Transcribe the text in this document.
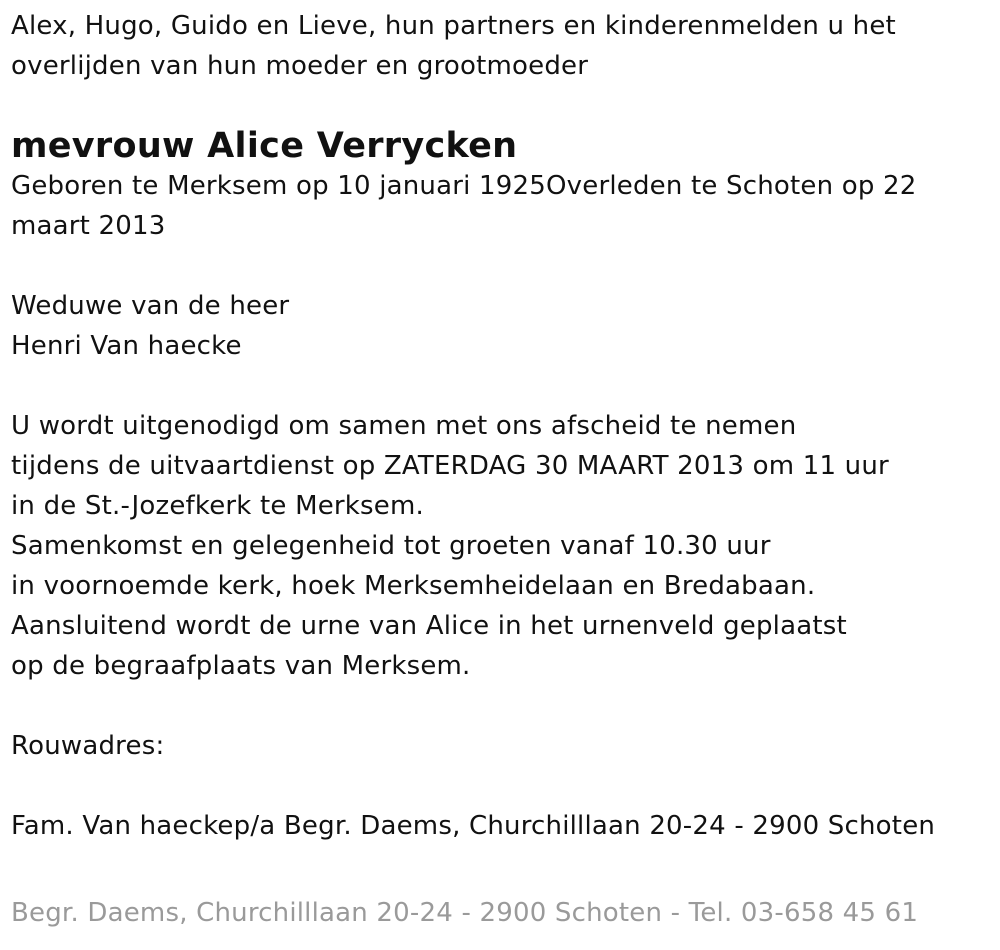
Alex, Hugo, Guido en Lieve, hun partners en kinderenmelden u het
overlijden van hun moeder en grootmoeder
mevrouw Alice Verrycken
Geboren te Merksem op 10 januari 1925Overleden te Schoten op 22
maart 2013
Weduwe van de heer
Henri Van haecke
U wordt uitgenodigd om samen met ons afscheid te nemen
tijdens de uitvaartdienst op ZATERDAG 30 MAART 2013 om 11 uur
in de St.-Jozefkerk te Merksem.
Samenkomst en gelegenheid tot groeten vanaf 10.30 uur
in voornoemde kerk, hoek Merksemheidelaan en Bredabaan.
Aansluitend wordt de urne van Alice in het urnenveld geplaatst
op de begraafplaats van Merksem.
Rouwadres:
Fam. Van haeckep/a Begr. Daems, Churchilllaan 20-24 - 2900 Schoten
Begr. Daems, Churchilllaan 20-24 - 2900 Schoten - Tel. 03-658 45 61
